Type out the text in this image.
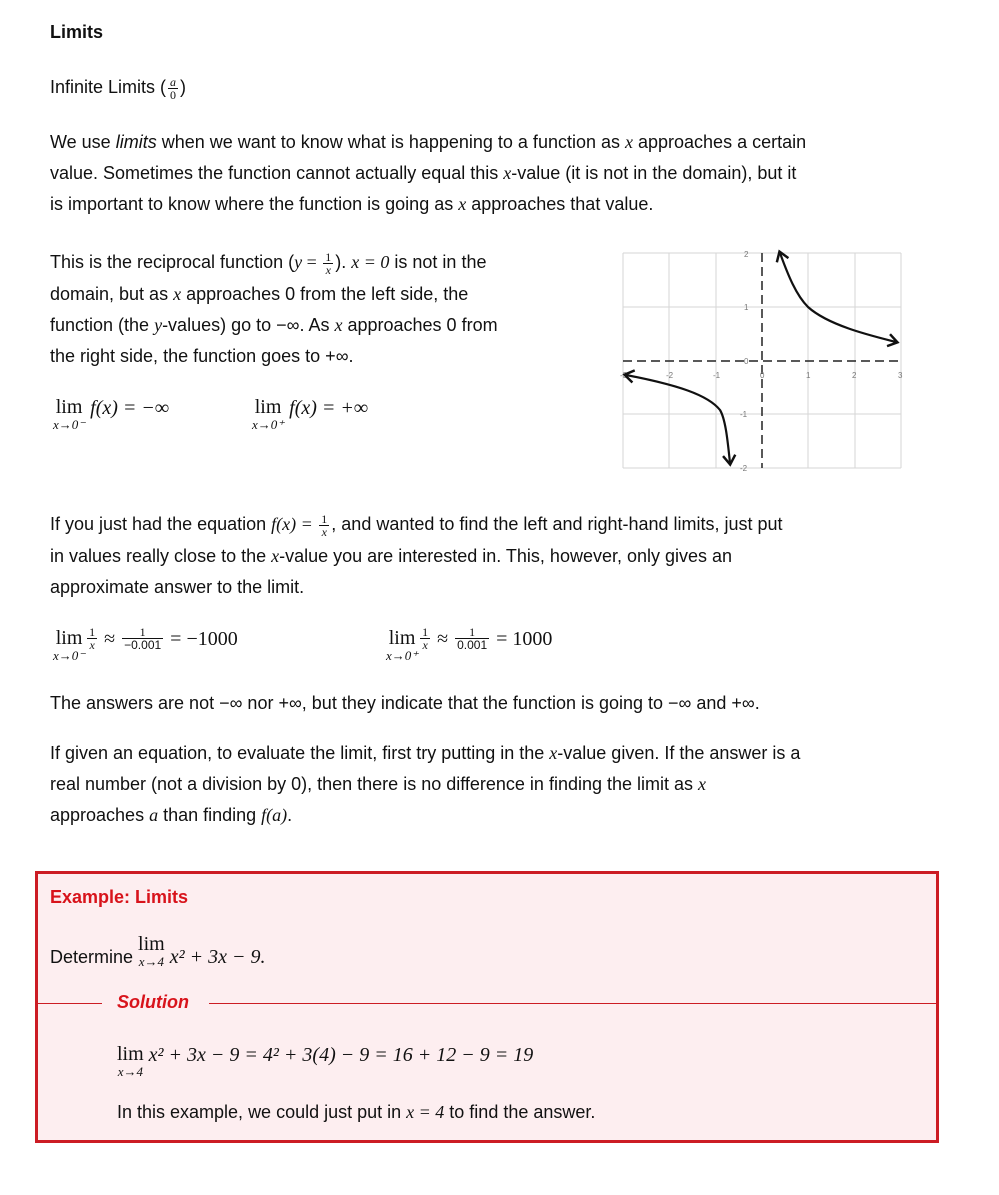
Limits
Infinite Limits ( $\frac{a}{0}$ )
We use limits when we want to know what is happening to a function as x approaches a certain
value. Sometimes the function cannot actually equal this x-value (it is not in the domain), but it
is important to know where the function is going as x approaches that value.
This is the reciprocal function ($y = \frac{1}{x}$ ). x = 0 is not in the
domain, but as x approaches 0 from the left side, the
function (the y-values) go to −∞. As x approaches 0 from
the right side, the function goes to +∞.
lim
x→0⁻
f(x) = −∞	lim
x→0⁺
f(x) = +∞
-3	-2	-1	0	1	2	3
2
1
0
-1
-2
If you just had the equation $f(x) = \frac{1}{x}$ , and wanted to find the left and right-hand limits, just put
in values really close to the x-value you are interested in. This, however, only gives an
approximate answer to the limit.
lim
x→0⁻
$\frac{1}{x} \approx \frac{1}{-0.001} = -1000$	lim
x→0⁺
$\frac{1}{x} \approx \frac{1}{0.001} = 1000$
The answers are not −∞ nor +∞, but they indicate that the function is going to −∞ and +∞.
If given an equation, to evaluate the limit, first try putting in the x-value given. If the answer is a
real number (not a division by 0), then there is no difference in finding the limit as x
approaches a than finding f(a).
Example: Limits
Determine
lim
x→4 x² + 3x − 9.
Solution
lim
x→4
x² + 3x − 9 = 4² + 3(4) − 9 = 16 + 12 − 9 = 19
In this example, we could just put in x = 4 to find the answer.
